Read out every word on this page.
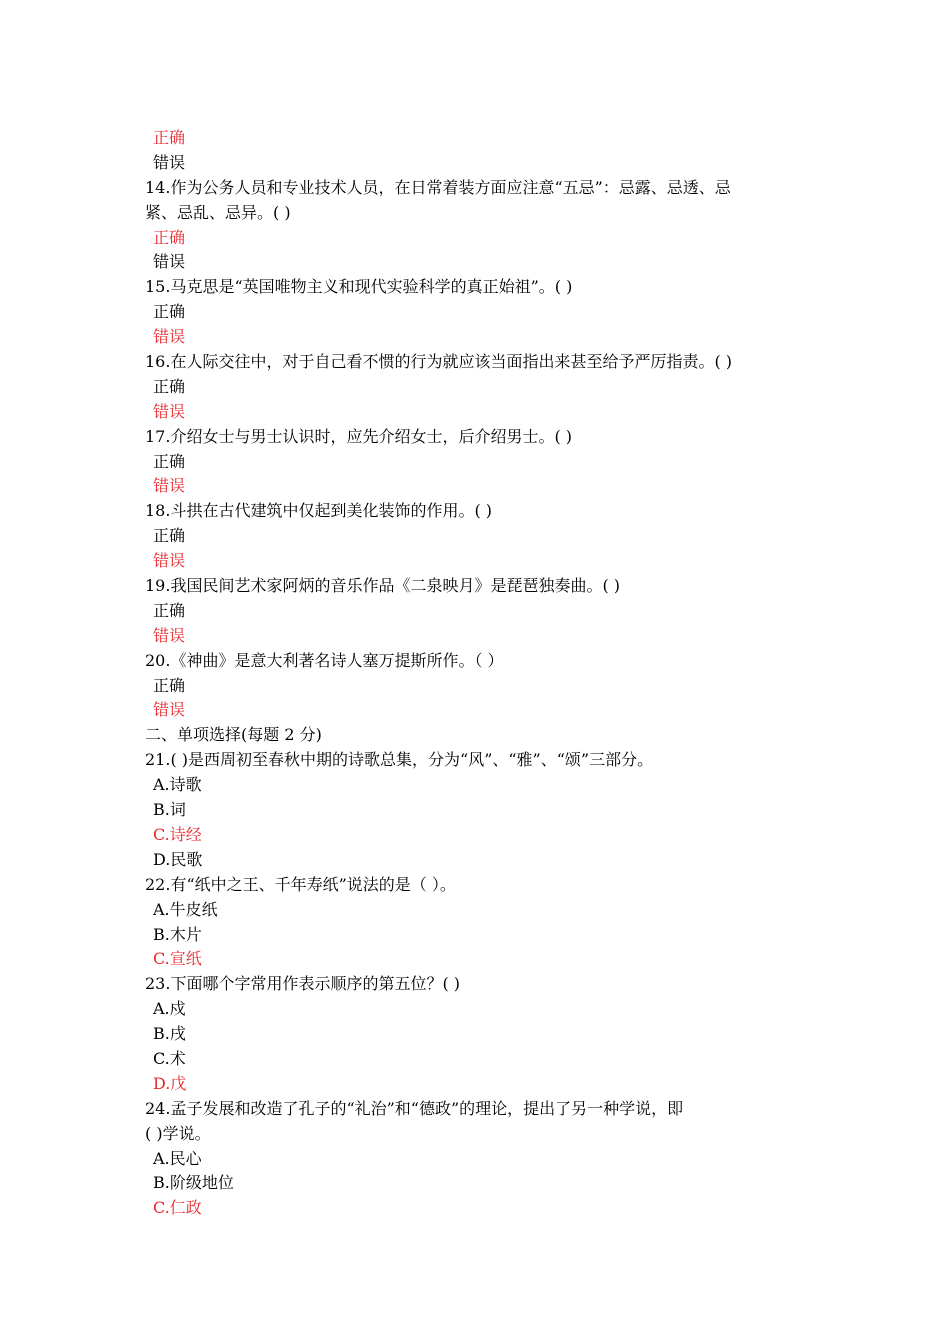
正确
错误
14.作为公务人员和专业技术人员，在日常着装方面应注意“五忌”：忌露、忌透、忌
紧、忌乱、忌异。( )
正确
错误
15.马克思是“英国唯物主义和现代实验科学的真正始祖”。( )
正确
错误
16.在人际交往中，对于自己看不惯的行为就应该当面指出来甚至给予严厉指责。( )
正确
错误
17.介绍女士与男士认识时，应先介绍女士，后介绍男士。( )
正确
错误
18.斗拱在古代建筑中仅起到美化装饰的作用。( )
正确
错误
19.我国民间艺术家阿炳的音乐作品《二泉映月》是琵琶独奏曲。( )
正确
错误
20.《神曲》是意大利著名诗人塞万提斯所作。（ ）
正确
错误
二、单项选择(每题 2 分)
21.( )是西周初至春秋中期的诗歌总集，分为“风”、“雅”、“颂”三部分。
A.诗歌
B.词
C.诗经
D.民歌
22.有“纸中之王、千年寿纸”说法的是（ ）。
A.牛皮纸
B.木片
C.宣纸
23.下面哪个字常用作表示顺序的第五位？( )
A.戍
B.戌
C.术
D.戊
24.孟子发展和改造了孔子的“礼治”和“德政”的理论，提出了另一种学说，即
( )学说。
A.民心
B.阶级地位
C.仁政
